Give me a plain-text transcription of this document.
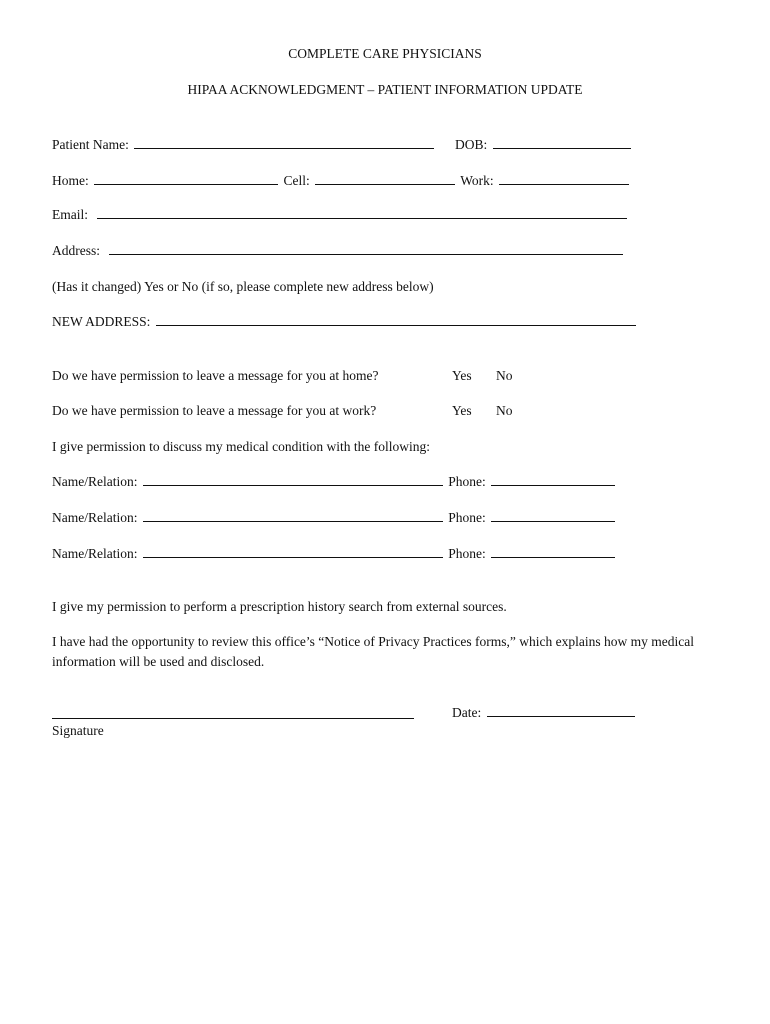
COMPLETE CARE PHYSICIANS
HIPAA ACKNOWLEDGMENT – PATIENT INFORMATION UPDATE
Patient Name:	DOB:
Home:	Cell:	Work:
Email:
Address:
(Has it changed) Yes or No (if so, please complete new address below)
NEW ADDRESS:
Do we have permission to leave a message for you at home?	Yes No
Do we have permission to leave a message for you at work?	Yes No
I give permission to discuss my medical condition with the following:
Name/Relation:	Phone:
Name/Relation:	Phone:
Name/Relation:	Phone:
I give my permission to perform a prescription history search from external sources.
I have had the opportunity to review this office’s “Notice of Privacy Practices forms,” which explains how my medical information will be used and disclosed.
Date:
Signature
